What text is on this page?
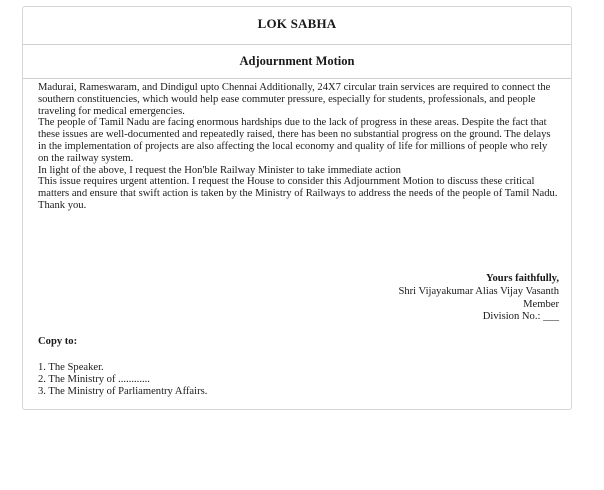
LOK SABHA
Adjournment Motion

Madurai, Rameswaram, and Dindigul upto Chennai Additionally, 24X7 circular train services are required to connect the southern constituencies, which would help ease commuter pressure, especially for students, professionals, and people traveling for medical emergencies.

The people of Tamil Nadu are facing enormous hardships due to the lack of progress in these areas. Despite the fact that these issues are well-documented and repeatedly raised, there has been no substantial progress on the ground. The delays in the implementation of projects are also affecting the local economy and quality of life for millions of people who rely on the railway system.

In light of the above, I request the Hon'ble Railway Minister to take immediate action

This issue requires urgent attention. I request the House to consider this Adjournment Motion to discuss these critical matters and ensure that swift action is taken by the Ministry of Railways to address the needs of the people of Tamil Nadu.

Thank you.

Yours faithfully,
Shri Vijayakumar Alias Vijay Vasanth
Member
Division No.: ___
Copy to:
1. The Speaker.
2. The Ministry of ............
3. The Ministry of Parliamentry Affairs.
